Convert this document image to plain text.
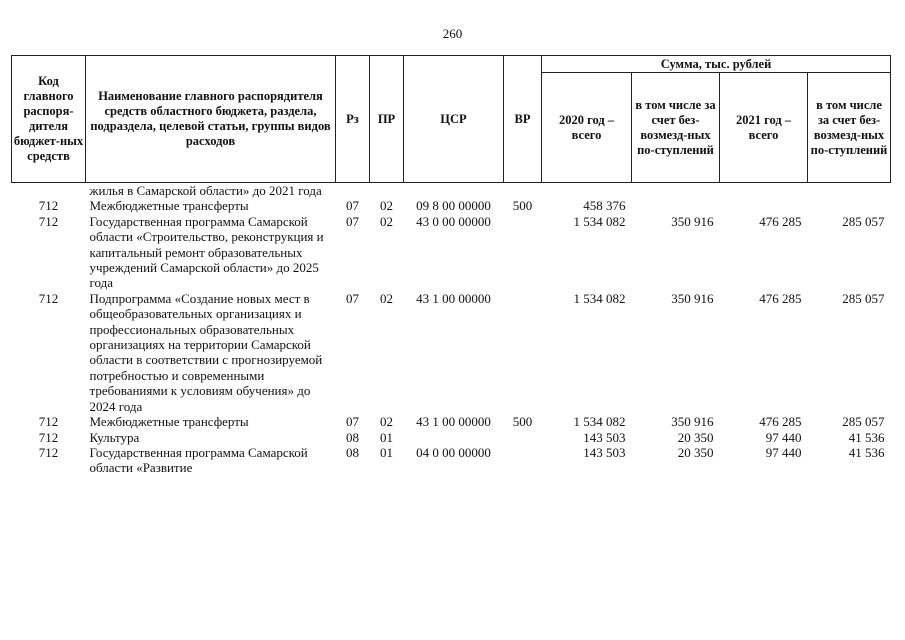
260
Код главного распоря-дителя бюджет-ных средств	Наименование главного распорядителя средств областного бюджета, раздела, подраздела, целевой статьи, группы видов расходов	Рз	ПР	ЦСР	ВР	Сумма, тыс. рублей			
						2020 год – всего	в том числе за счет без-возмезд-ных по-ступлений	2021 год – всего	в том числе за счет без-возмезд-ных по-ступлений
	жилья в Самарской области» до 2021 года								
712	Межбюджетные трансферты	07	02	09 8 00 00000	500	458 376			
712	Государственная программа Самарской области «Строительство, реконструкция и капитальный ремонт образовательных учреждений Самарской области» до 2025 года	07	02	43 0 00 00000		1 534 082	350 916	476 285	285 057
712	Подпрограмма «Создание новых мест в общеобразовательных организациях и профессиональных образовательных организациях на территории Самарской области в соответствии с прогнозируемой потребностью и современными требованиями к условиям обучения» до 2024 года	07	02	43 1 00 00000		1 534 082	350 916	476 285	285 057
712	Межбюджетные трансферты	07	02	43 1 00 00000	500	1 534 082	350 916	476 285	285 057
712	Культура	08	01			143 503	20 350	97 440	41 536
712	Государственная программа Самарской области «Развитие	08	01	04 0 00 00000		143 503	20 350	97 440	41 536
